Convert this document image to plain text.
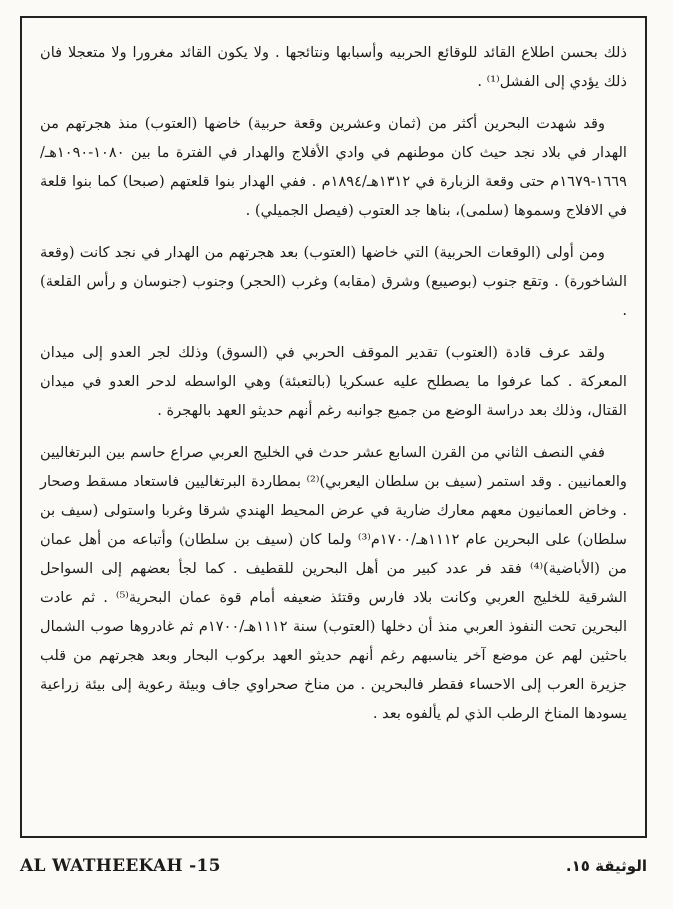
ذلك بحسن اطلاع القائد للوقائع الحربيه وأسبابها ونتائجها . ولا يكون القائد مغرورا ولا متعجلا فان ذلك يؤدي إلى الفشل⁽¹⁾ .

وقد شهدت البحرين أكثر من (ثمان وعشرين وقعة حربية) خاضها (العتوب) منذ هجرتهم من الهدار في بلاد نجد حيث كان موطنهم في وادي الأفلاج والهدار في الفترة ما بين ١٠٨٠-١٠٩٠هـ/١٦٦٩-١٦٧٩م حتى وقعة الزبارة في ١٣١٢هـ/١٨٩٤م . ففي الهدار بنوا قلعتهم (صبحا) كما بنوا قلعة في الافلاج وسموها (سلمى)، بناها جد العتوب (فيصل الجميلي) .

ومن أولى (الوقعات الحربية) التي خاضها (العتوب) بعد هجرتهم من الهدار في نجد كانت (وقعة الشاخورة) . وتقع جنوب (بوصيبع) وشرق (مقابه) وغرب (الحجر) وجنوب (جنوسان و رأس القلعة) .

ولقد عرف قادة (العتوب) تقدير الموقف الحربي في (السوق) وذلك لجر العدو إلى ميدان المعركة . كما عرفوا ما يصطلح عليه عسكريا (بالتعبئة) وهي الواسطه لدحر العدو في ميدان القتال، وذلك بعد دراسة الوضع من جميع جوانبه رغم أنهم حديثو العهد بالهجرة .

ففي النصف الثاني من القرن السابع عشر حدث في الخليج العربي صراع حاسم بين البرتغاليين والعمانيين . وقد استمر (سيف بن سلطان اليعربي)⁽²⁾ بمطاردة البرتغاليين فاستعاد مسقط وصحار . وخاض العمانيون معهم معارك ضارية في عرض المحيط الهندي شرقا وغربا واستولى (سيف بن سلطان) على البحرين عام ١١١٢هـ/١٧٠٠م⁽³⁾ ولما كان (سيف بن سلطان) وأتباعه من أهل عمان من (الأباضية)⁽⁴⁾ فقد فر عدد كبير من أهل البحرين للقطيف . كما لجأ بعضهم إلى السواحل الشرقية للخليج العربي وكانت بلاد فارس وقتئذ ضعيفه أمام قوة عمان البحرية⁽⁵⁾ . ثم عادت البحرين تحت النفوذ العربي منذ أن دخلها (العتوب) سنة ١١١٢هـ/١٧٠٠م ثم غادروها صوب الشمال باحثين لهم عن موضع آخر يناسبهم رغم أنهم حديثو العهد بركوب البحار وبعد هجرتهم من قلب جزيرة العرب إلى الاحساء فقطر فالبحرين . من مناخ صحراوي جاف وبيئة رعوية إلى بيئة زراعية يسودها المناخ الرطب الذي لم يألفوه بعد .

AL WATHEEKAH -15	الوثيقة ١٥.
